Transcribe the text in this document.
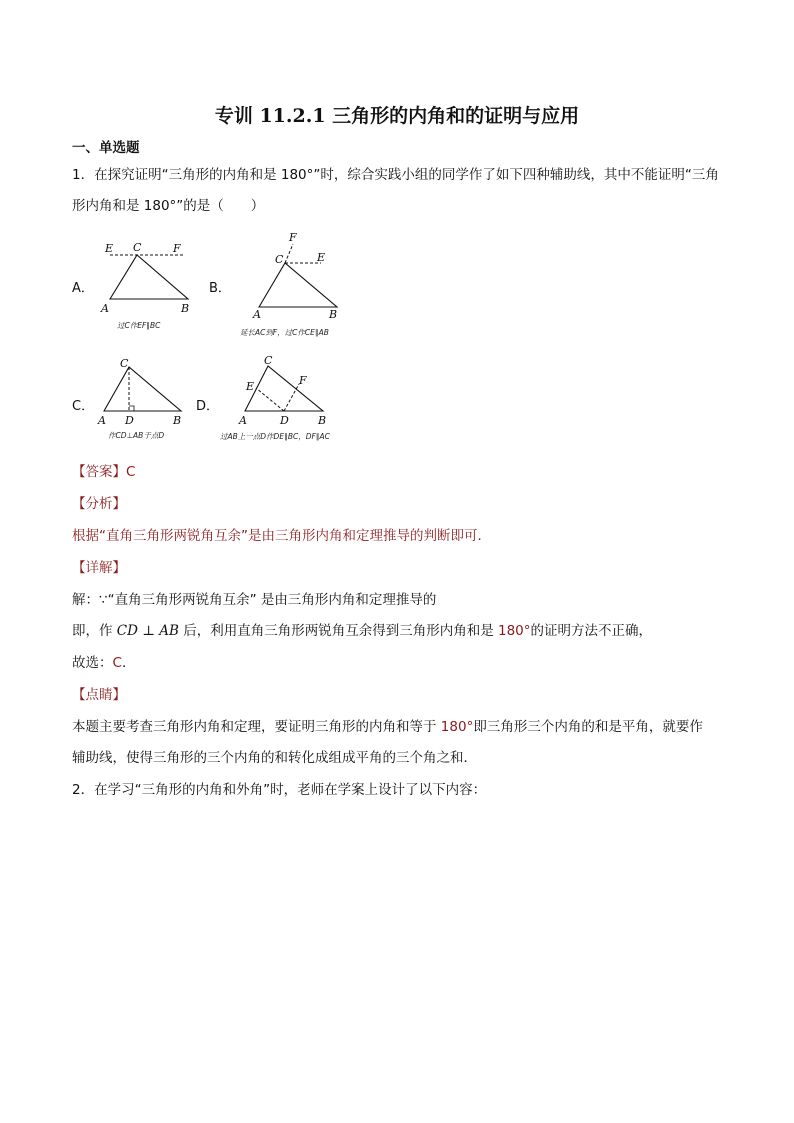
专训 11.2.1 三角形的内角和的证明与应用
一、单选题
1．在探究证明“三角形的内角和是 180°”时，综合实践小组的同学作了如下四种辅助线，其中不能证明“三角
形内角和是 180°”的是（　　）
A．
E C	F
A	B
过C作EF∥BC
B．
F
C	E
A	B
延长AC到F，过C作CE∥AB
C．
C
A D	B
作CD⊥AB于点D
D．
C
E	F
A	D	B
过AB上一点D作DE∥BC，DF∥AC
【答案】C
【分析】
根据“直角三角形两锐角互余”是由三角形内角和定理推导的判断即可．
【详解】
解：∵“直角三角形两锐角互余” 是由三角形内角和定理推导的
即，作 CD ⊥ AB 后，利用直角三角形两锐角互余得到三角形内角和是 180°的证明方法不正确，
故选：C．
【点睛】
本题主要考查三角形内角和定理，要证明三角形的内角和等于 180°即三角形三个内角的和是平角，就要作
辅助线，使得三角形的三个内角的和转化成组成平角的三个角之和．
2．在学习“三角形的内角和外角”时，老师在学案上设计了以下内容：
